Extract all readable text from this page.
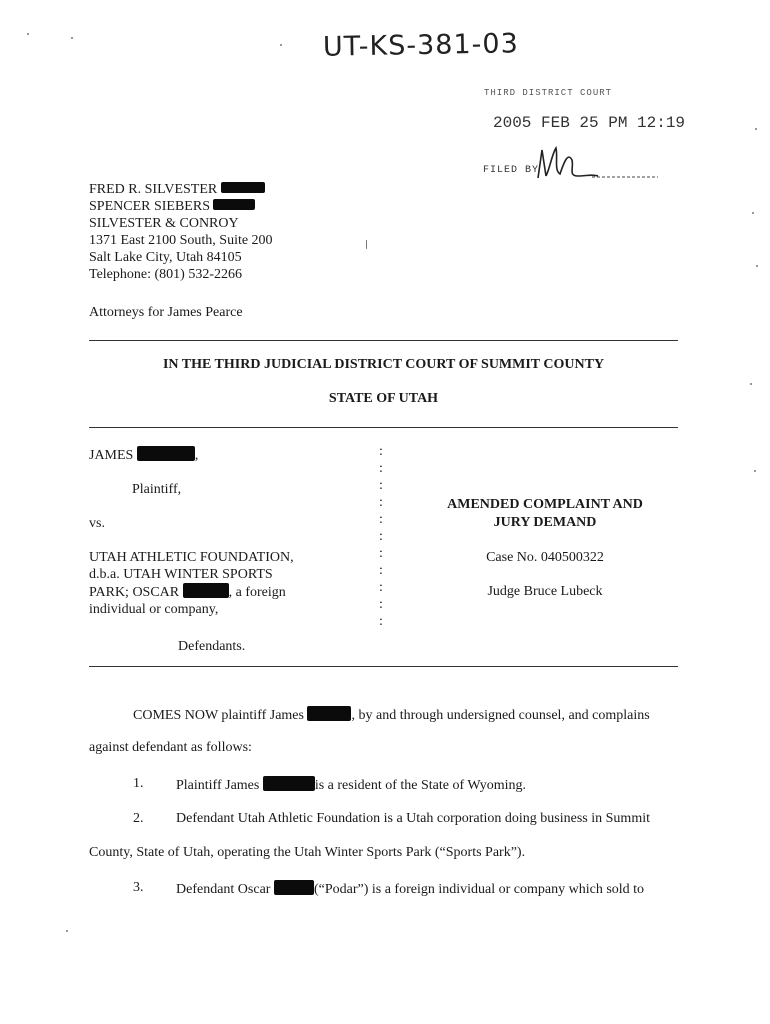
UT-KS-381-03
THIRD DISTRICT COURT
2005 FEB 25 PM 12:19
FILED BY
FRED R. SILVESTER
SPENCER SIEBERS
SILVESTER & CONROY
1371 East 2100 South, Suite 200
Salt Lake City, Utah 84105
Telephone: (801) 532-2266
Attorneys for James Pearce
IN THE THIRD JUDICIAL DISTRICT COURT OF SUMMIT COUNTY
STATE OF UTAH
JAMES	,
Plaintiff,
vs.
UTAH ATHLETIC FOUNDATION,
d.b.a. UTAH WINTER SPORTS
PARK; OSCAR	, a foreign
individual or company,
Defendants.
:
:
:
:
:
:
:
:
:
:
:
AMENDED COMPLAINT AND
JURY DEMAND
Case No. 040500322
Judge Bruce Lubeck
COMES NOW plaintiff James	, by and through undersigned counsel, and complains
against defendant as follows:
1. Plaintiff James	is a resident of the State of Wyoming.
2. Defendant Utah Athletic Foundation is a Utah corporation doing business in Summit
County, State of Utah, operating the Utah Winter Sports Park (“Sports Park”).
3. Defendant Oscar	(“Podar”) is a foreign individual or company which sold to
